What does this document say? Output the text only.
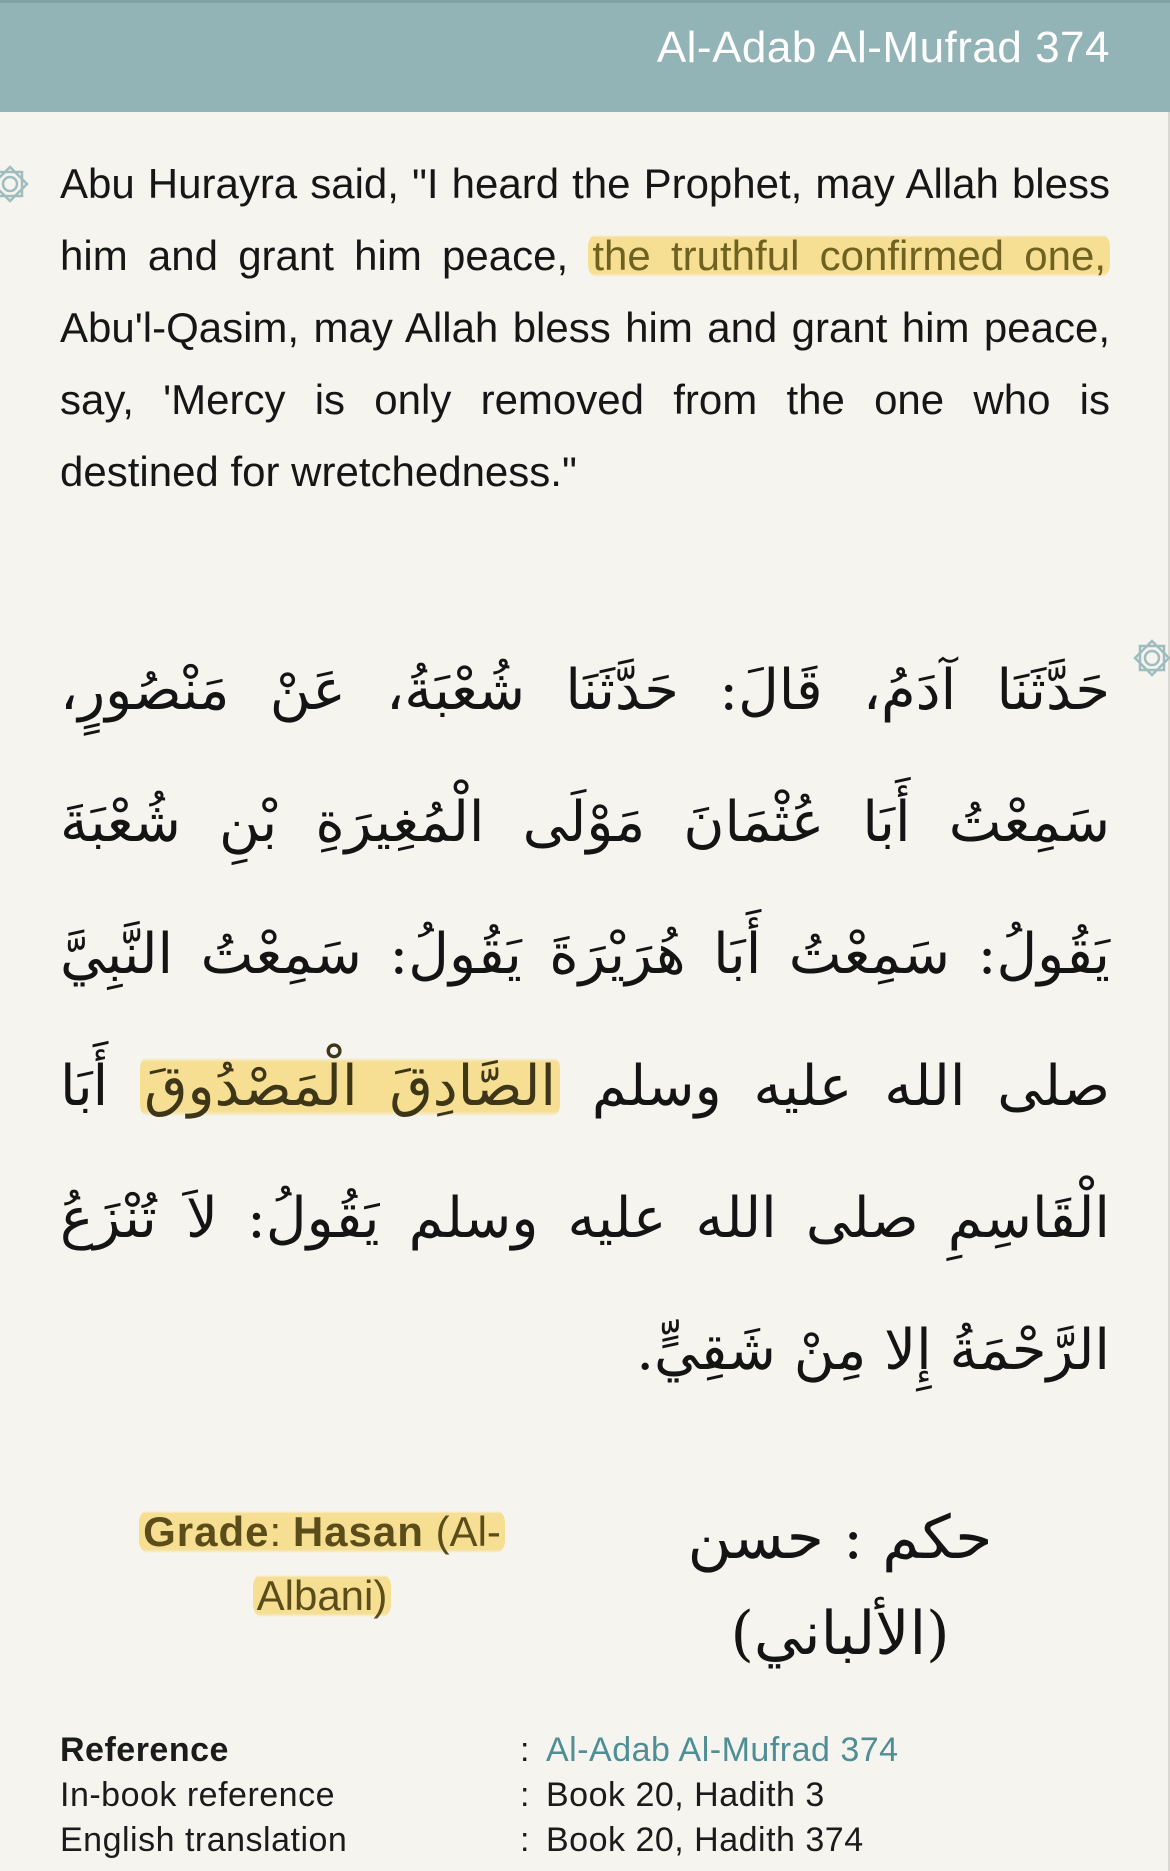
Al-Adab Al-Mufrad 374
Abu Hurayra said, "I heard the Prophet, may Allah bless him and grant him peace, the truthful confirmed one, Abu'l-Qasim, may Allah bless him and grant him peace, say, 'Mercy is only removed from the one who is destined for wretchedness."
حَدَّثَنَا آدَمُ، قَالَ: حَدَّثَنَا شُعْبَةُ، عَنْ مَنْصُورٍ، سَمِعْتُ أَبَا عُثْمَانَ مَوْلَى الْمُغِيرَةِ بْنِ شُعْبَةَ يَقُولُ: سَمِعْتُ أَبَا هُرَيْرَةَ يَقُولُ: سَمِعْتُ النَّبِيَّ صلى الله عليه وسلم الصَّادِقَ الْمَصْدُوقَ أَبَا الْقَاسِمِ صلى الله عليه وسلم يَقُولُ: لاَ تُنْزَعُ الرَّحْمَةُ إِلا مِنْ شَقِيٍّ.
Grade: Hasan (Al-
Albani)
حكم : حسن (الألباني)
Reference	: Al-Adab Al-Mufrad 374
In-book reference	: Book 20, Hadith 3
English translation	: Book 20, Hadith 374
